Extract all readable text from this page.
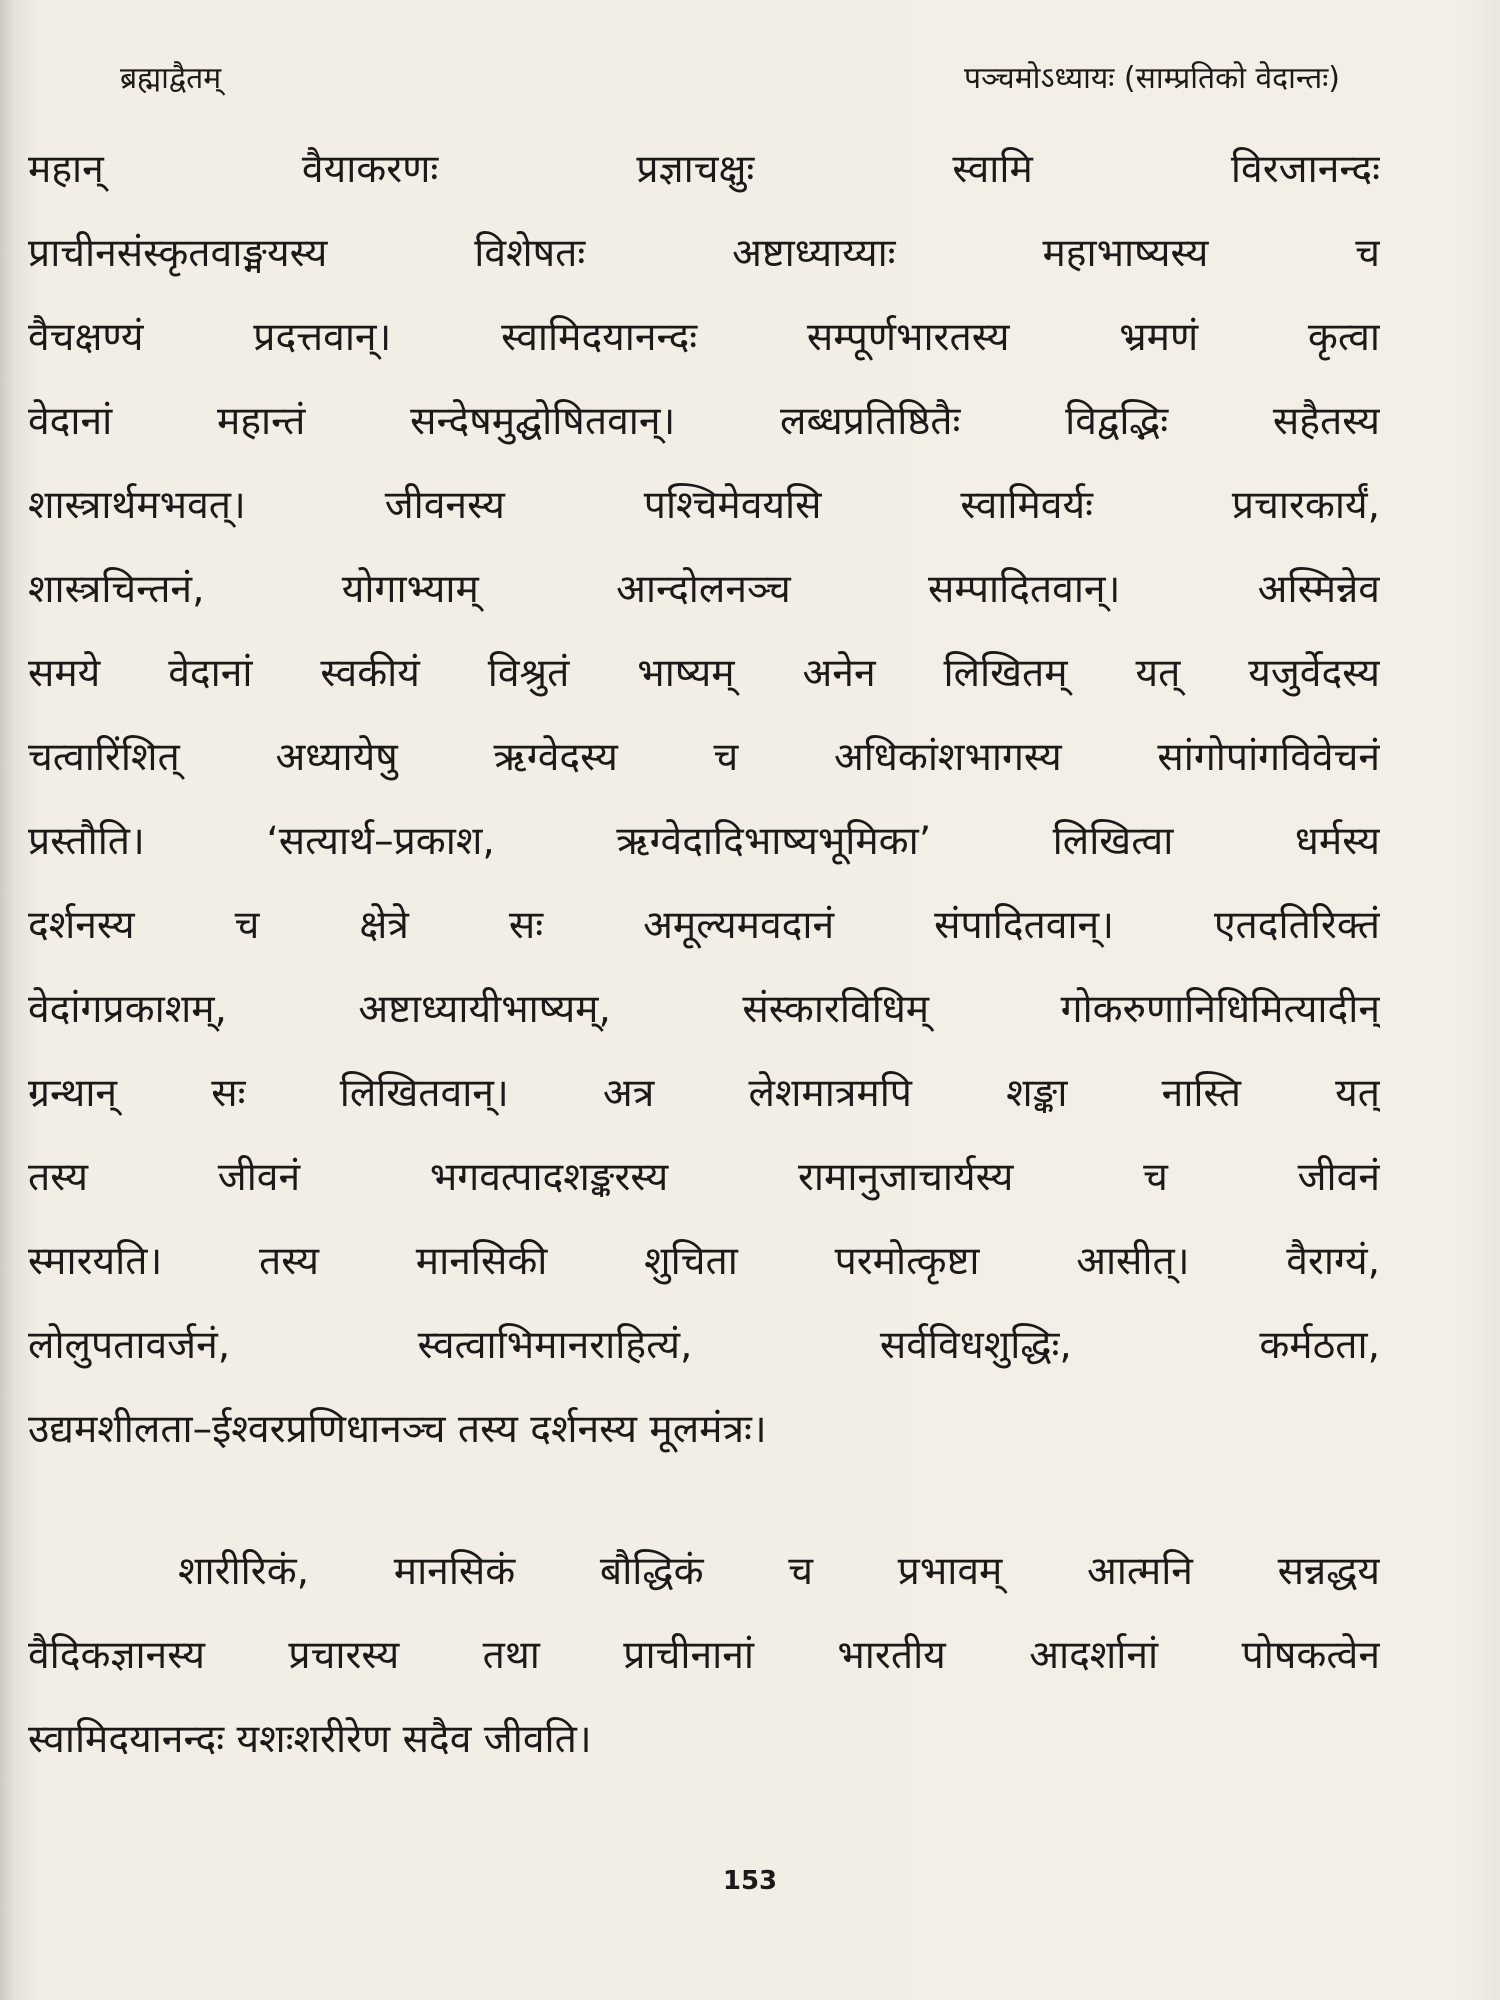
ब्रह्माद्वैतम्	पञ्चमोऽध्यायः (साम्प्रतिको वेदान्तः)
महान् वैयाकरणः प्रज्ञाचक्षुः स्वामि विरजानन्दः
प्राचीनसंस्कृतवाङ्मयस्य विशेषतः अष्टाध्याय्याः महाभाष्यस्य च
वैचक्षण्यं प्रदत्तवान्। स्वामिदयानन्दः सम्पूर्णभारतस्य भ्रमणं कृत्वा
वेदानां महान्तं सन्देषमुद्घोषितवान्। लब्धप्रतिष्ठितैः विद्वद्भिः सहैतस्य
शास्त्रार्थमभवत्। जीवनस्य पश्चिमेवयसि स्वामिवर्यः प्रचारकार्यं,
शास्त्रचिन्तनं, योगाभ्याम् आन्दोलनञ्च सम्पादितवान्। अस्मिन्नेव
समये वेदानां स्वकीयं विश्रुतं भाष्यम् अनेन लिखितम् यत् यजुर्वेदस्य
चत्वारिंशित् अध्यायेषु ऋग्वेदस्य च अधिकांशभागस्य सांगोपांगविवेचनं
प्रस्तौति। ‘सत्यार्थ–प्रकाश, ऋग्वेदादिभाष्यभूमिका’ लिखित्वा धर्मस्य
दर्शनस्य च क्षेत्रे सः अमूल्यमवदानं संपादितवान्। एतदतिरिक्तं
वेदांगप्रकाशम्, अष्टाध्यायीभाष्यम्, संस्कारविधिम् गोकरुणानिधिमित्यादीन्
ग्रन्थान् सः लिखितवान्। अत्र लेशमात्रमपि शङ्का नास्ति यत्
तस्य जीवनं भगवत्पादशङ्करस्य रामानुजाचार्यस्य च जीवनं
स्मारयति। तस्य मानसिकी शुचिता परमोत्कृष्टा आसीत्। वैराग्यं,
लोलुपतावर्जनं, स्वत्वाभिमानराहित्यं, सर्वविधशुद्धिः, कर्मठता,
उद्यमशीलता–ईश्वरप्रणिधानञ्च तस्य दर्शनस्य मूलमंत्रः।
शारीरिकं, मानसिकं बौद्धिकं च प्रभावम् आत्मनि सन्नद्धय
वैदिकज्ञानस्य प्रचारस्य तथा प्राचीनानां भारतीय आदर्शानां पोषकत्वेन
स्वामिदयानन्दः यशःशरीरेण सदैव जीवति।
153
